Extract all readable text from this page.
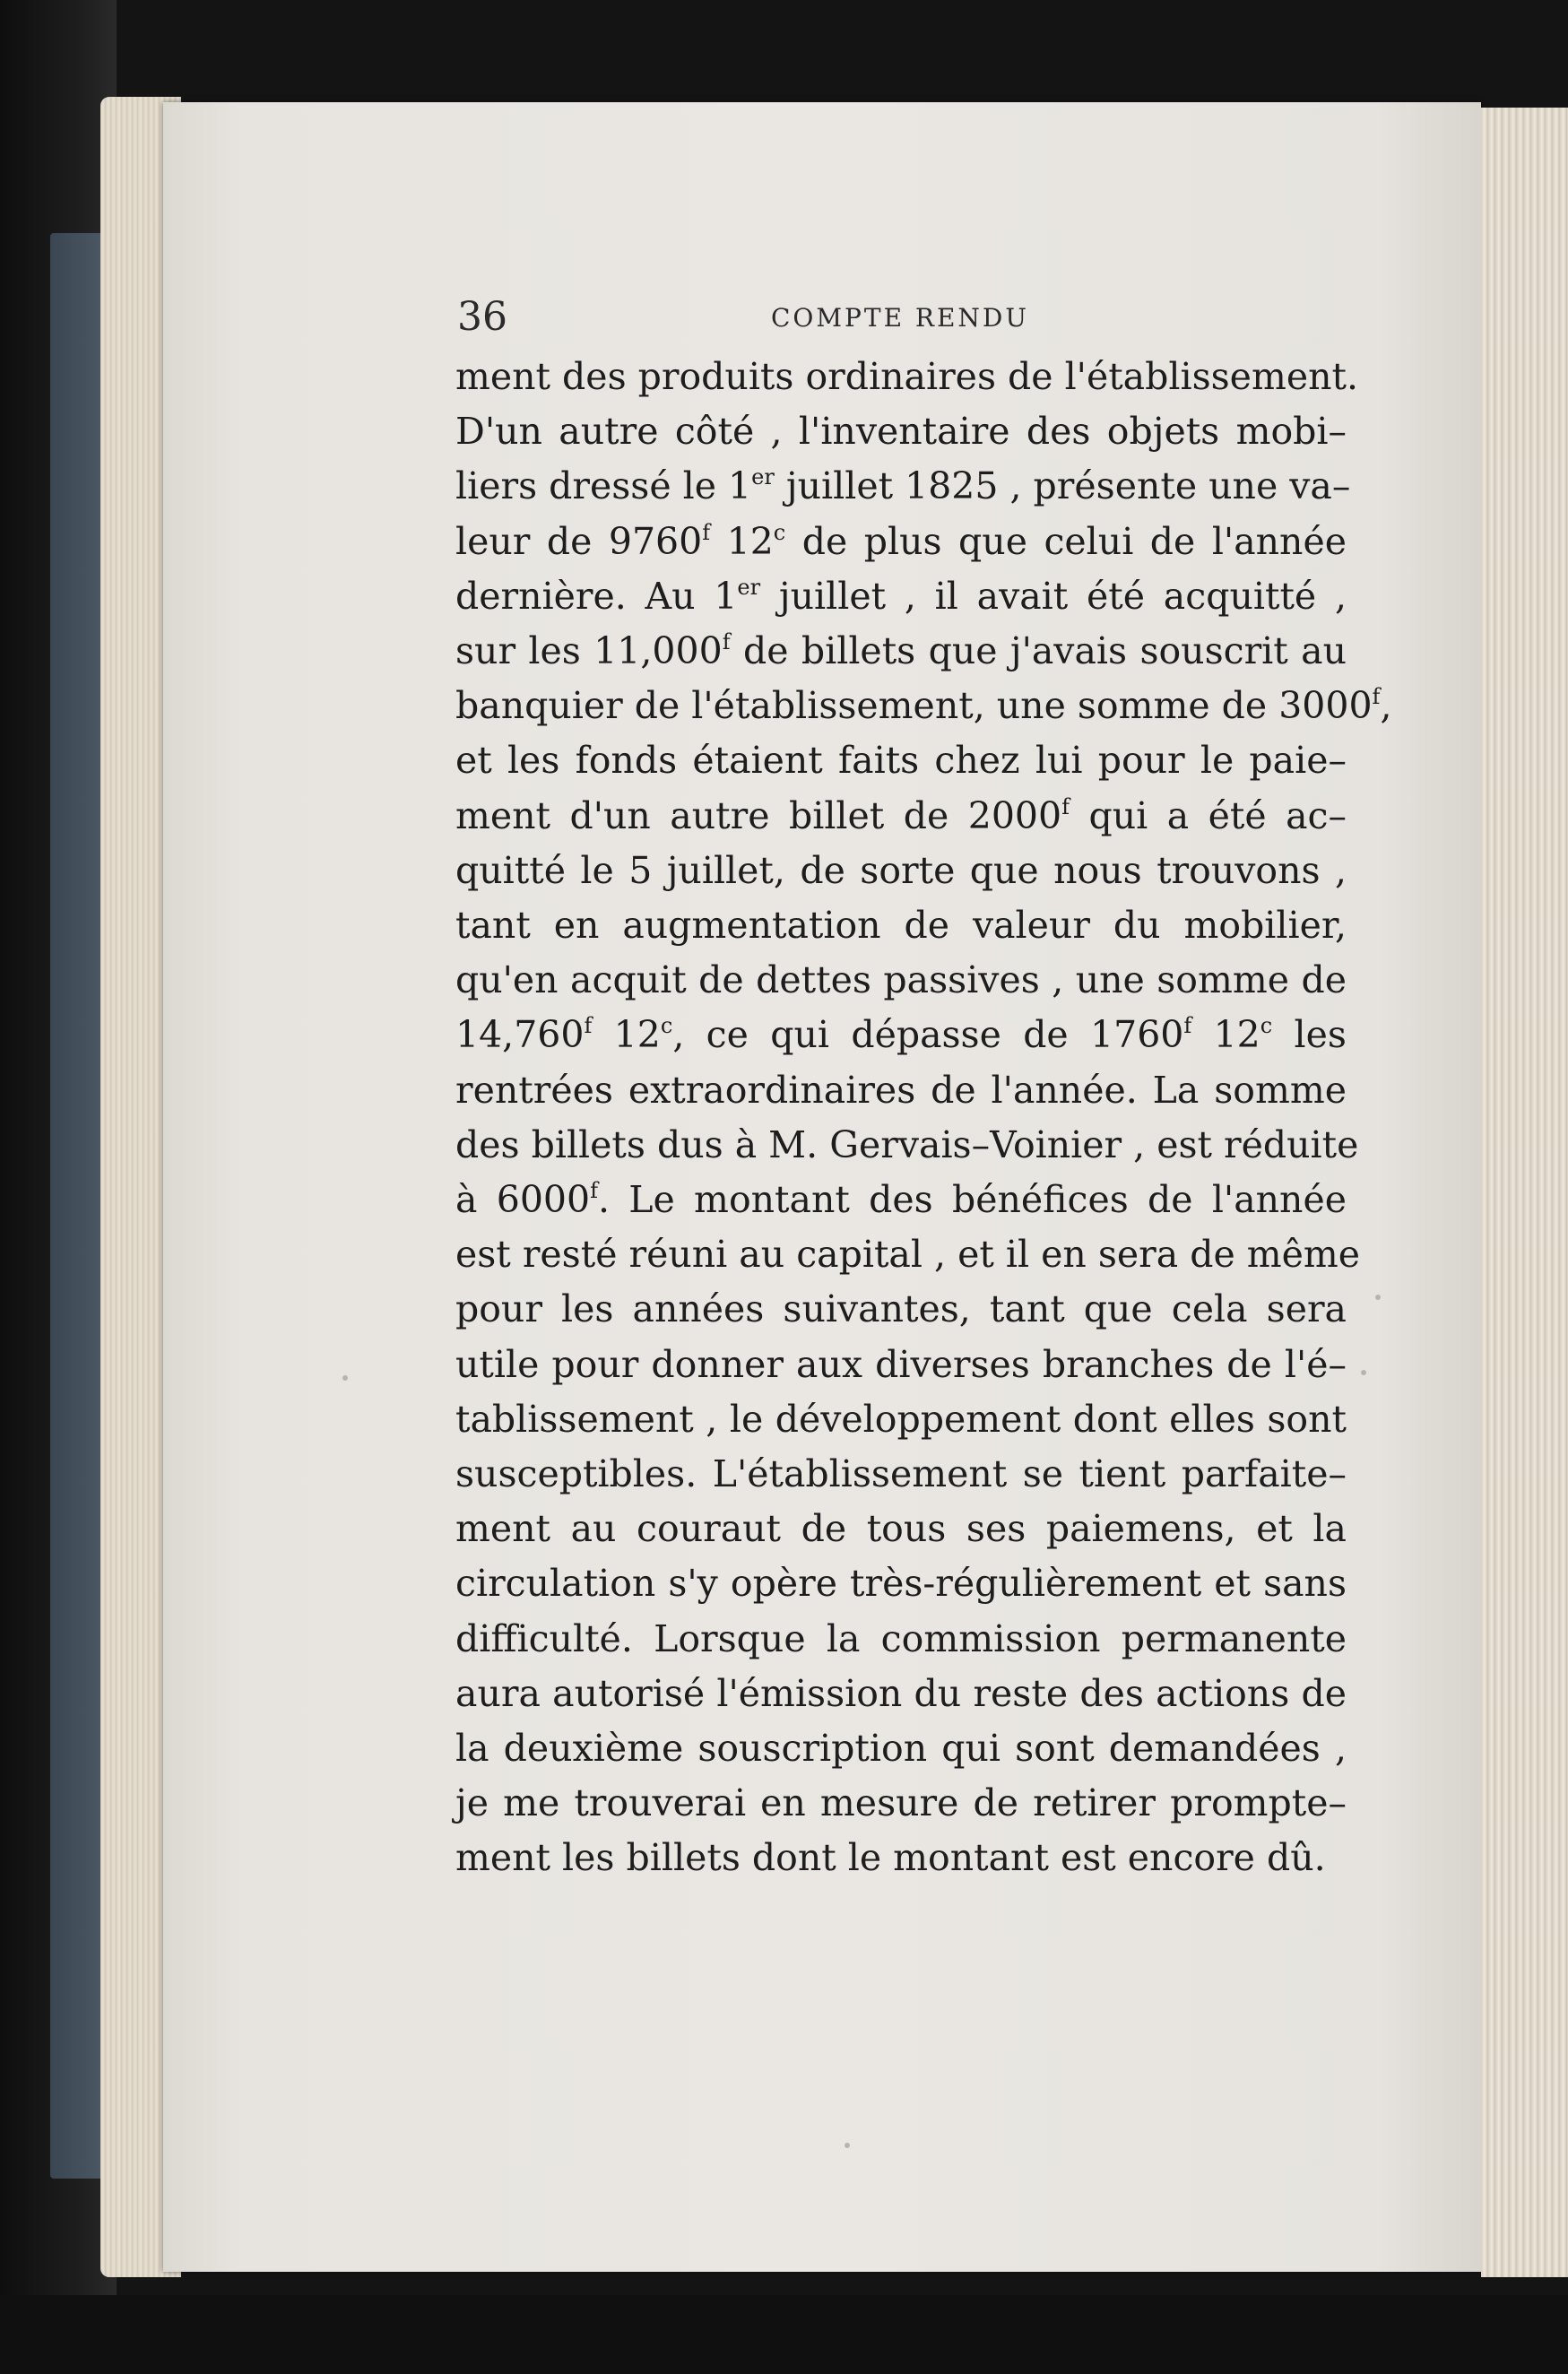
36	COMPTE RENDU
ment des produits ordinaires de l'établissement.
D'un autre côté , l'inventaire des objets mobi–
liers dressé le 1er juillet 1825 , présente une va–
leur de 9760$^f$ 12$^c$ de plus que celui de l'année
dernière. Au 1er juillet , il avait été acquitté ,
sur les 11,000$^f$ de billets que j'avais souscrit au
banquier de l'établissement, une somme de 3000$^f$,
et les fonds étaient faits chez lui pour le paie–
ment d'un autre billet de 2000$^f$ qui a été ac–
quitté le 5 juillet, de sorte que nous trouvons ,
tant en augmentation de valeur du mobilier,
qu'en acquit de dettes passives , une somme de
14,760$^f$ 12$^c$, ce qui dépasse de 1760$^f$ 12$^c$ les
rentrées extraordinaires de l'année. La somme
des billets dus à M. Gervais–Voinier , est réduite
à 6000$^f$. Le montant des bénéfices de l'année
est resté réuni au capital , et il en sera de même
pour les années suivantes, tant que cela sera
utile pour donner aux diverses branches de l'é–
tablissement , le développement dont elles sont
susceptibles. L'établissement se tient parfaite–
ment au couraut de tous ses paiemens, et la
circulation s'y opère très-régulièrement et sans
difficulté. Lorsque la commission permanente
aura autorisé l'émission du reste des actions de
la deuxième souscription qui sont demandées ,
je me trouverai en mesure de retirer prompte–
ment les billets dont le montant est encore dû.
